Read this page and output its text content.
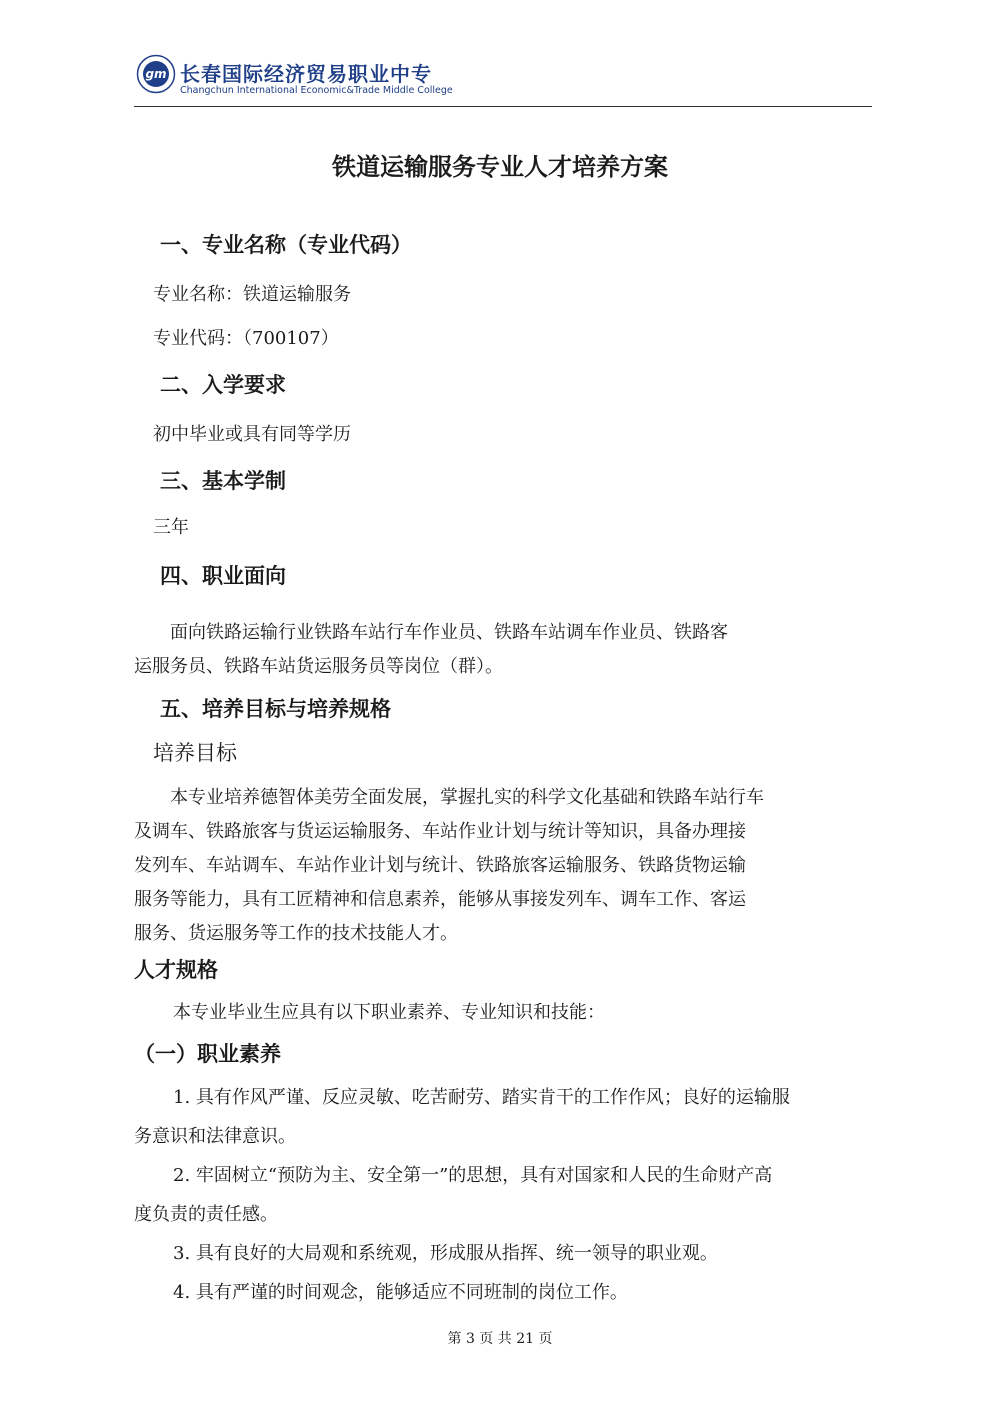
gm 长春国际经济贸易职业中专
Changchun International Economic&Trade Middle College
铁道运输服务专业人才培养方案
一、专业名称（专业代码）
专业名称：铁道运输服务
专业代码：（700107）
二、入学要求
初中毕业或具有同等学历
三、基本学制
三年
四、职业面向
面向铁路运输行业铁路车站行车作业员、铁路车站调车作业员、铁路客
运服务员、铁路车站货运服务员等岗位（群）。
五、培养目标与培养规格
培养目标
本专业培养德智体美劳全面发展，掌握扎实的科学文化基础和铁路车站行车
及调车、铁路旅客与货运运输服务、车站作业计划与统计等知识，具备办理接
发列车、车站调车、车站作业计划与统计、铁路旅客运输服务、铁路货物运输
服务等能力，具有工匠精神和信息素养，能够从事接发列车、调车工作、客运
服务、货运服务等工作的技术技能人才。
人才规格
本专业毕业生应具有以下职业素养、专业知识和技能：
（一）职业素养
1. 具有作风严谨、反应灵敏、吃苦耐劳、踏实肯干的工作作风；良好的运输服
务意识和法律意识。
2. 牢固树立“预防为主、安全第一”的思想，具有对国家和人民的生命财产高
度负责的责任感。
3. 具有良好的大局观和系统观，形成服从指挥、统一领导的职业观。
4. 具有严谨的时间观念，能够适应不同班制的岗位工作。
第 3 页 共 21 页
